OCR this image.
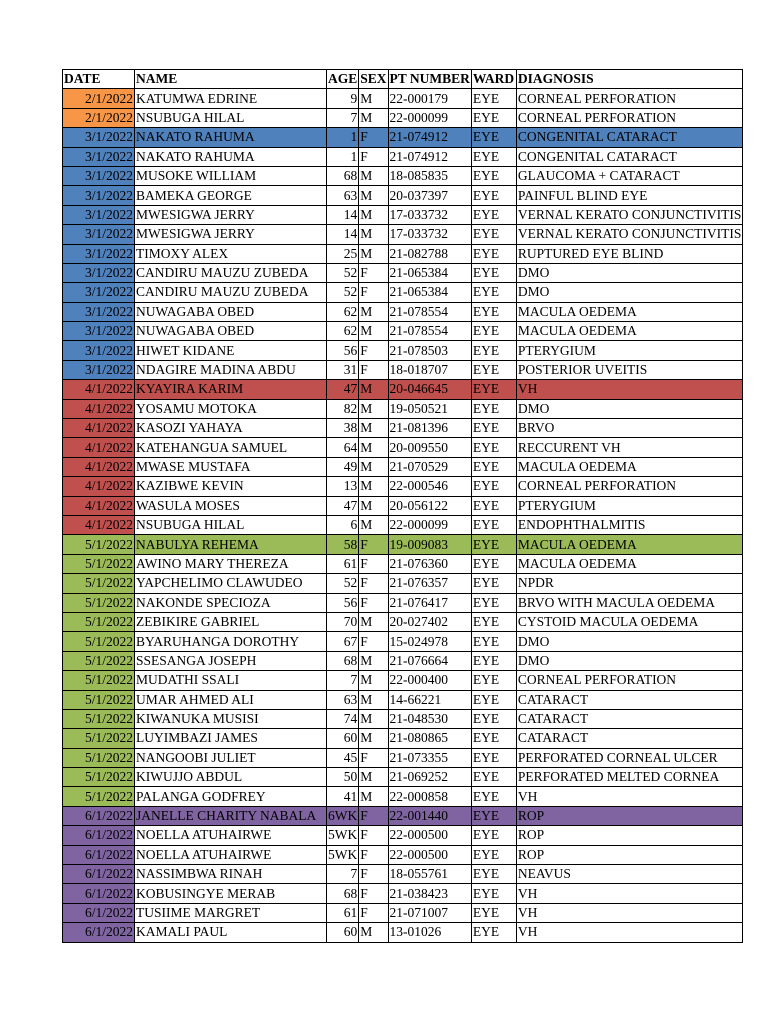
DATE	NAME	AGE	SEX	PT NUMBER	WARD	DIAGNOSIS
2/1/2022	KATUMWA EDRINE	9	M	22-000179	EYE	CORNEAL PERFORATION
2/1/2022	NSUBUGA HILAL	7	M	22-000099	EYE	CORNEAL PERFORATION
3/1/2022	NAKATO RAHUMA	1	F	21-074912	EYE	CONGENITAL CATARACT
3/1/2022	NAKATO RAHUMA	1	F	21-074912	EYE	CONGENITAL CATARACT
3/1/2022	MUSOKE WILLIAM	68	M	18-085835	EYE	GLAUCOMA + CATARACT
3/1/2022	BAMEKA GEORGE	63	M	20-037397	EYE	PAINFUL BLIND EYE
3/1/2022	MWESIGWA JERRY	14	M	17-033732	EYE	VERNAL KERATO CONJUNCTIVITIS
3/1/2022	MWESIGWA JERRY	14	M	17-033732	EYE	VERNAL KERATO CONJUNCTIVITIS
3/1/2022	TIMOXY ALEX	25	M	21-082788	EYE	RUPTURED EYE BLIND
3/1/2022	CANDIRU MAUZU ZUBEDA	52	F	21-065384	EYE	DMO
3/1/2022	CANDIRU MAUZU ZUBEDA	52	F	21-065384	EYE	DMO
3/1/2022	NUWAGABA OBED	62	M	21-078554	EYE	MACULA OEDEMA
3/1/2022	NUWAGABA OBED	62	M	21-078554	EYE	MACULA OEDEMA
3/1/2022	HIWET KIDANE	56	F	21-078503	EYE	PTERYGIUM
3/1/2022	NDAGIRE MADINA ABDU	31	F	18-018707	EYE	POSTERIOR UVEITIS
4/1/2022	KYAYIRA KARIM	47	M	20-046645	EYE	VH
4/1/2022	YOSAMU MOTOKA	82	M	19-050521	EYE	DMO
4/1/2022	KASOZI YAHAYA	38	M	21-081396	EYE	BRVO
4/1/2022	KATEHANGUA SAMUEL	64	M	20-009550	EYE	RECCURENT VH
4/1/2022	MWASE MUSTAFA	49	M	21-070529	EYE	MACULA OEDEMA
4/1/2022	KAZIBWE KEVIN	13	M	22-000546	EYE	CORNEAL PERFORATION
4/1/2022	WASULA MOSES	47	M	20-056122	EYE	PTERYGIUM
4/1/2022	NSUBUGA HILAL	6	M	22-000099	EYE	ENDOPHTHALMITIS
5/1/2022	NABULYA REHEMA	58	F	19-009083	EYE	MACULA OEDEMA
5/1/2022	AWINO MARY THEREZA	61	F	21-076360	EYE	MACULA OEDEMA
5/1/2022	YAPCHELIMO CLAWUDEO	52	F	21-076357	EYE	NPDR
5/1/2022	NAKONDE SPECIOZA	56	F	21-076417	EYE	BRVO WITH MACULA OEDEMA
5/1/2022	ZEBIKIRE GABRIEL	70	M	20-027402	EYE	CYSTOID MACULA OEDEMA
5/1/2022	BYARUHANGA DOROTHY	67	F	15-024978	EYE	DMO
5/1/2022	SSESANGA JOSEPH	68	M	21-076664	EYE	DMO
5/1/2022	MUDATHI SSALI	7	M	22-000400	EYE	CORNEAL PERFORATION
5/1/2022	UMAR AHMED ALI	63	M	14-66221	EYE	CATARACT
5/1/2022	KIWANUKA MUSISI	74	M	21-048530	EYE	CATARACT
5/1/2022	LUYIMBAZI JAMES	60	M	21-080865	EYE	CATARACT
5/1/2022	NANGOOBI JULIET	45	F	21-073355	EYE	PERFORATED CORNEAL ULCER
5/1/2022	KIWUJJO ABDUL	50	M	21-069252	EYE	PERFORATED MELTED CORNEA
5/1/2022	PALANGA GODFREY	41	M	22-000858	EYE	VH
6/1/2022	JANELLE CHARITY NABALA	6WK	F	22-001440	EYE	ROP
6/1/2022	NOELLA ATUHAIRWE	5WK	F	22-000500	EYE	ROP
6/1/2022	NOELLA ATUHAIRWE	5WK	F	22-000500	EYE	ROP
6/1/2022	NASSIMBWA RINAH	7	F	18-055761	EYE	NEAVUS
6/1/2022	KOBUSINGYE MERAB	68	F	21-038423	EYE	VH
6/1/2022	TUSIIME MARGRET	61	F	21-071007	EYE	VH
6/1/2022	KAMALI PAUL	60	M	13-01026	EYE	VH
